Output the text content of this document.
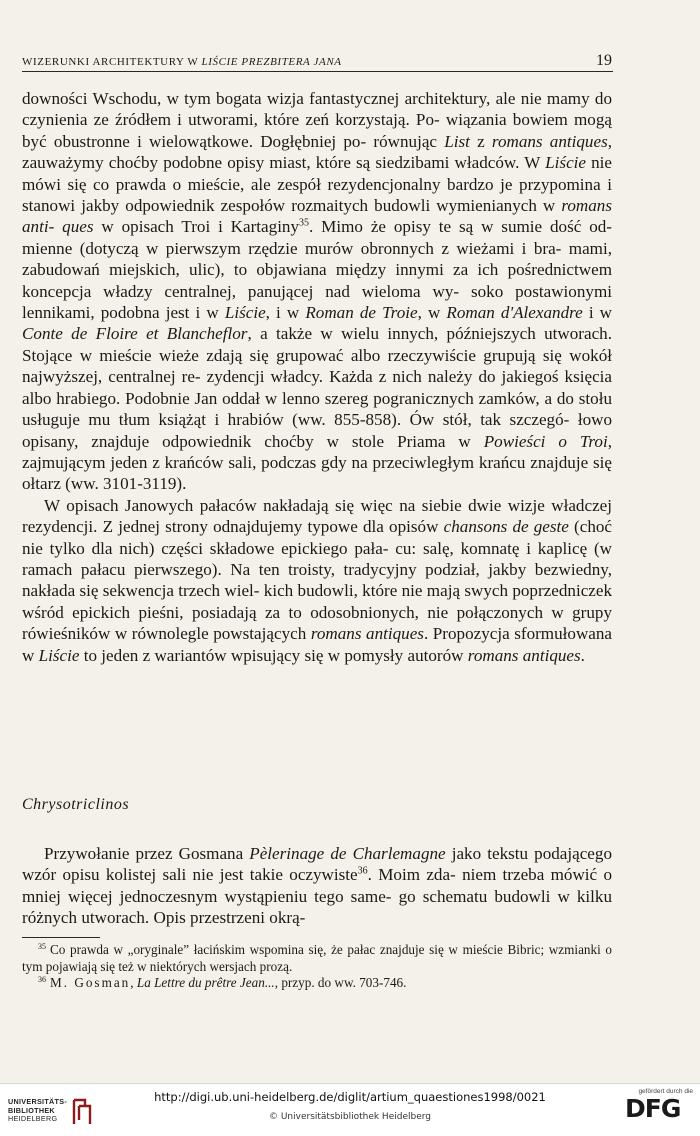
WIZERUNKI ARCHITEKTURY W LIŚCIE PREZBITERA JANA	19

downości Wschodu, w tym bogata wizja fantastycznej architektury, ale nie mamy do czynienia ze źródłem i utworami, które zeń korzystają. Po- wiązania bowiem mogą być obustronne i wielowątkowe. Dogłębniej po- równując List z romans antiques, zauważymy choćby podobne opisy miast, które są siedzibami władców. W Liście nie mówi się co prawda o mieście, ale zespół rezydencjonalny bardzo je przypomina i stanowi jakby odpowiednik zespołów rozmaitych budowli wymienianych w romans anti- ques w opisach Troi i Kartaginy$^{35}$. Mimo że opisy te są w sumie dość od- mienne (dotyczą w pierwszym rzędzie murów obronnych z wieżami i bra- mami, zabudowań miejskich, ulic), to objawiana między innymi za ich pośrednictwem koncepcja władzy centralnej, panującej nad wieloma wy- soko postawionymi lennikami, podobna jest i w Liście, i w Roman de Troie, w Roman d'Alexandre i w Conte de Floire et Blancheflor, a także w wielu innych, późniejszych utworach. Stojące w mieście wieże zdają się grupować albo rzeczywiście grupują się wokół najwyższej, centralnej re- zydencji władcy. Każda z nich należy do jakiegoś księcia albo hrabiego. Podobnie Jan oddał w lenno szereg pogranicznych zamków, a do stołu usługuje mu tłum książąt i hrabiów (ww. 855-858). Ów stół, tak szczegó- łowo opisany, znajduje odpowiednik choćby w stole Priama w Powieści o Troi, zajmującym jeden z krańców sali, podczas gdy na przeciwległym krańcu znajduje się ołtarz (ww. 3101-3119).

W opisach Janowych pałaców nakładają się więc na siebie dwie wizje władczej rezydencji. Z jednej strony odnajdujemy typowe dla opisów chansons de geste (choć nie tylko dla nich) części składowe epickiego pała- cu: salę, komnatę i kaplicę (w ramach pałacu pierwszego). Na ten troisty, tradycyjny podział, jakby bezwiedny, nakłada się sekwencja trzech wiel- kich budowli, które nie mają swych poprzedniczek wśród epickich pieśni, posiadają za to odosobnionych, nie połączonych w grupy rówieśników w równolegle powstających romans antiques. Propozycja sformułowana w Liście to jeden z wariantów wpisujący się w pomysły autorów romans antiques.

Chrysotriclinos

Przywołanie przez Gosmana Pèlerinage de Charlemagne jako tekstu podającego wzór opisu kolistej sali nie jest takie oczywiste$^{36}$. Moim zda- niem trzeba mówić o mniej więcej jednoczesnym wystąpieniu tego same- go schematu budowli w kilku różnych utworach. Opis przestrzeni okrą-

$^{35}$ Co prawda w „oryginale” łacińskim wspomina się, że pałac znajduje się w mieście Bibric; wzmianki o tym pojawiają się też w niektórych wersjach prozą.

$^{36}$ M. Gosman, La Lettre du prêtre Jean..., przyp. do ww. 703-746.

UNIVERSITÄTS-
BIBLIOTHEK
HEIDELBERG
http://digi.ub.uni-heidelberg.de/diglit/artium_quaestiones1998/0021
© Universitätsbibliothek Heidelberg
gefördert durch die
DFG
